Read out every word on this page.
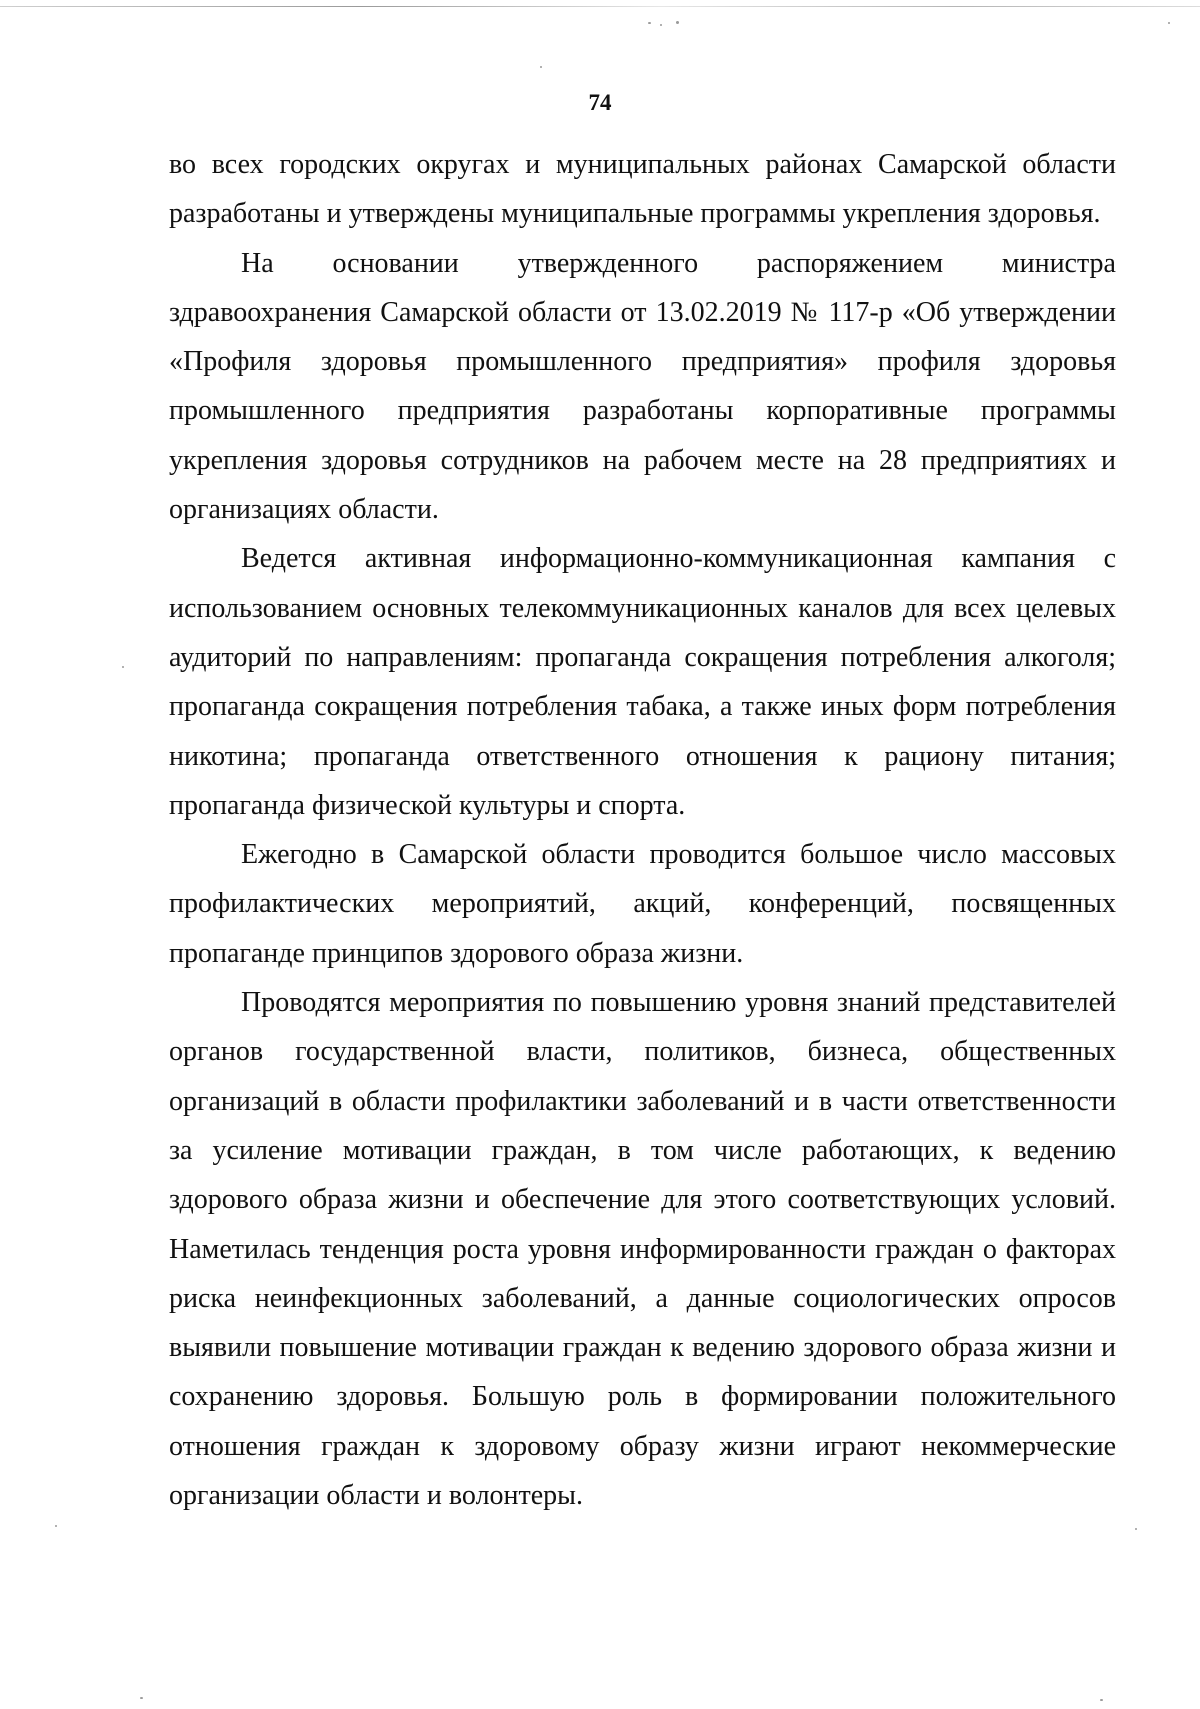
74

во всех городских округах и муниципальных районах Самарской области разработаны и утверждены муниципальные программы укрепления здоровья.

На основании утвержденного распоряжением министра здравоохранения Самарской области от 13.02.2019 № 117-р «Об утверждении «Профиля здоровья промышленного предприятия» профиля здоровья промышленного предприятия разработаны корпоративные программы укрепления здоровья сотрудников на рабочем месте на 28 предприятиях и организациях области.

Ведется активная информационно-коммуникационная кампания с использованием основных телекоммуникационных каналов для всех целевых аудиторий по направлениям: пропаганда сокращения потребления алкоголя; пропаганда сокращения потребления табака, а также иных форм потребления никотина; пропаганда ответственного отношения к рациону питания; пропаганда физической культуры и спорта.

Ежегодно в Самарской области проводится большое число массовых профилактических мероприятий, акций, конференций, посвященных пропаганде принципов здорового образа жизни.

Проводятся мероприятия по повышению уровня знаний представителей органов государственной власти, политиков, бизнеса, общественных организаций в области профилактики заболеваний и в части ответственности за усиление мотивации граждан, в том числе работающих, к ведению здорового образа жизни и обеспечение для этого соответствующих условий. Наметилась тенденция роста уровня информированности граждан о факторах риска неинфекционных заболеваний, а данные социологических опросов выявили повышение мотивации граждан к ведению здорового образа жизни и сохранению здоровья. Большую роль в формировании положительного отношения граждан к здоровому образу жизни играют некоммерческие организации области и волонтеры.
